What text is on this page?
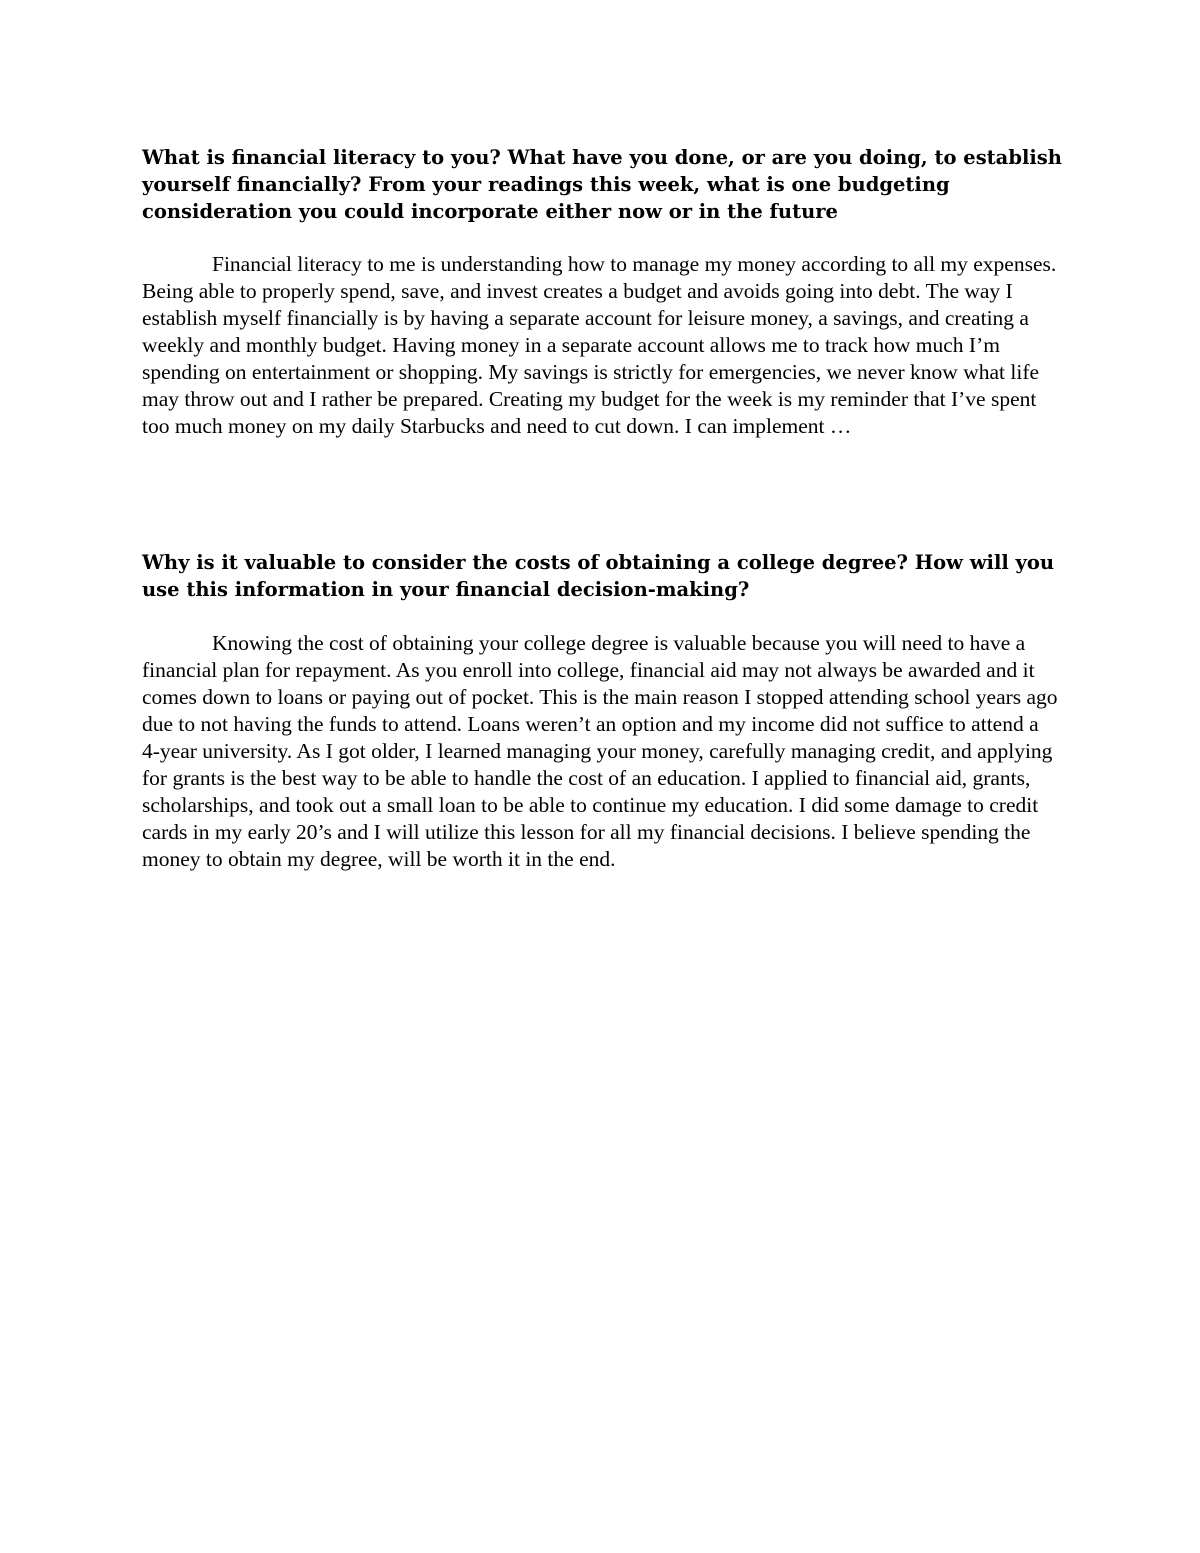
What is financial literacy to you? What have you done, or are you doing, to establish yourself financially? From your readings this week, what is one budgeting consideration you could incorporate either now or in the future

Financial literacy to me is understanding how to manage my money according to all my expenses. Being able to properly spend, save, and invest creates a budget and avoids going into debt. The way I establish myself financially is by having a separate account for leisure money, a savings, and creating a weekly and monthly budget. Having money in a separate account allows me to track how much I’m spending on entertainment or shopping. My savings is strictly for emergencies, we never know what life may throw out and I rather be prepared. Creating my budget for the week is my reminder that I’ve spent too much money on my daily Starbucks and need to cut down. I can implement …

Why is it valuable to consider the costs of obtaining a college degree? How will you use this information in your financial decision-making?

Knowing the cost of obtaining your college degree is valuable because you will need to have a financial plan for repayment. As you enroll into college, financial aid may not always be awarded and it comes down to loans or paying out of pocket. This is the main reason I stopped attending school years ago due to not having the funds to attend. Loans weren’t an option and my income did not suffice to attend a 4-year university. As I got older, I learned managing your money, carefully managing credit, and applying for grants is the best way to be able to handle the cost of an education. I applied to financial aid, grants, scholarships, and took out a small loan to be able to continue my education. I did some damage to credit cards in my early 20’s and I will utilize this lesson for all my financial decisions. I believe spending the money to obtain my degree, will be worth it in the end.
